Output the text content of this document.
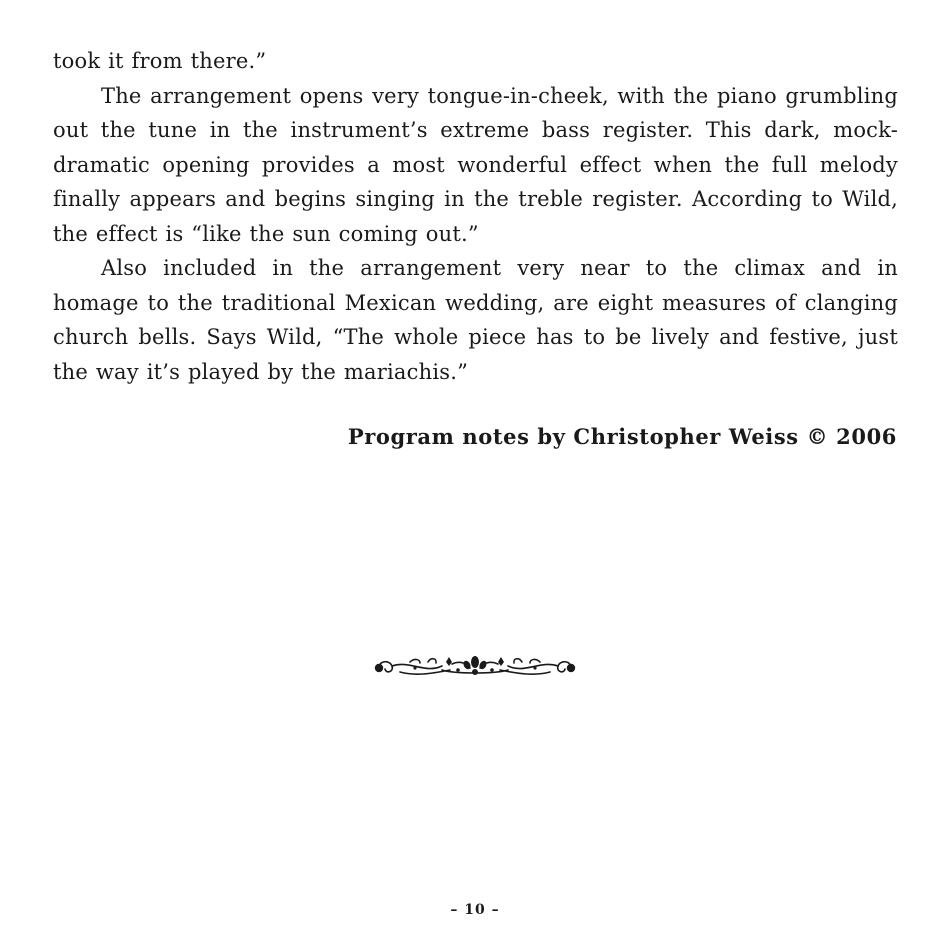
took it from there.”

The arrangement opens very tongue-in-cheek, with the piano grumbling out the tune in the instrument’s extreme bass register. This dark, mock-dramatic opening provides a most wonderful effect when the full melody finally appears and begins singing in the treble register. According to Wild, the effect is “like the sun coming out.”

Also included in the arrangement very near to the climax and in homage to the traditional Mexican wedding, are eight measures of clanging church bells. Says Wild, “The whole piece has to be lively and festive, just the way it’s played by the mariachis.”

Program notes by Christopher Weiss © 2006
– 10 –
